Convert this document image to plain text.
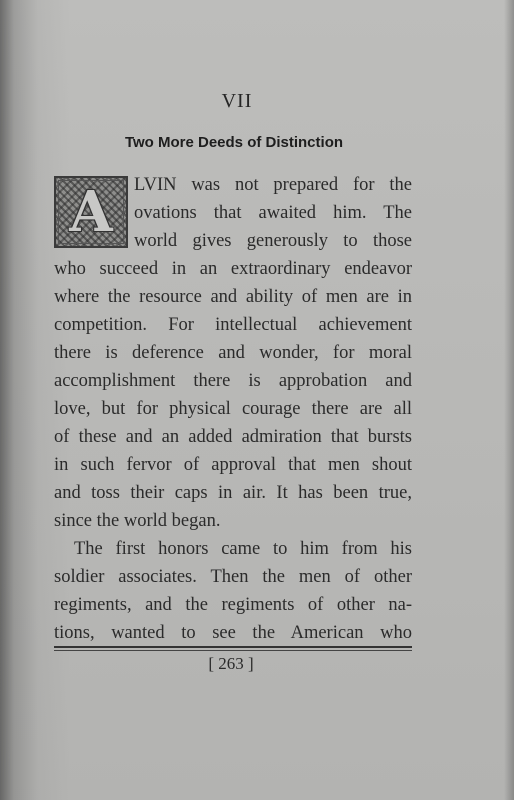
VII
Two More Deeds of Distinction
A LVIN was not prepared for the
ovations that awaited him. The
world gives generously to those
who succeed in an extraordinary endeavor
where the resource and ability of men are in
competition. For intellectual achievement
there is deference and wonder, for moral
accomplishment there is approbation and
love, but for physical courage there are all
of these and an added admiration that bursts
in such fervor of approval that men shout
and toss their caps in air. It has been true,
since the world began.
The first honors came to him from his
soldier associates. Then the men of other
regiments, and the regiments of other na-
tions, wanted to see the American who
[ 263 ]
